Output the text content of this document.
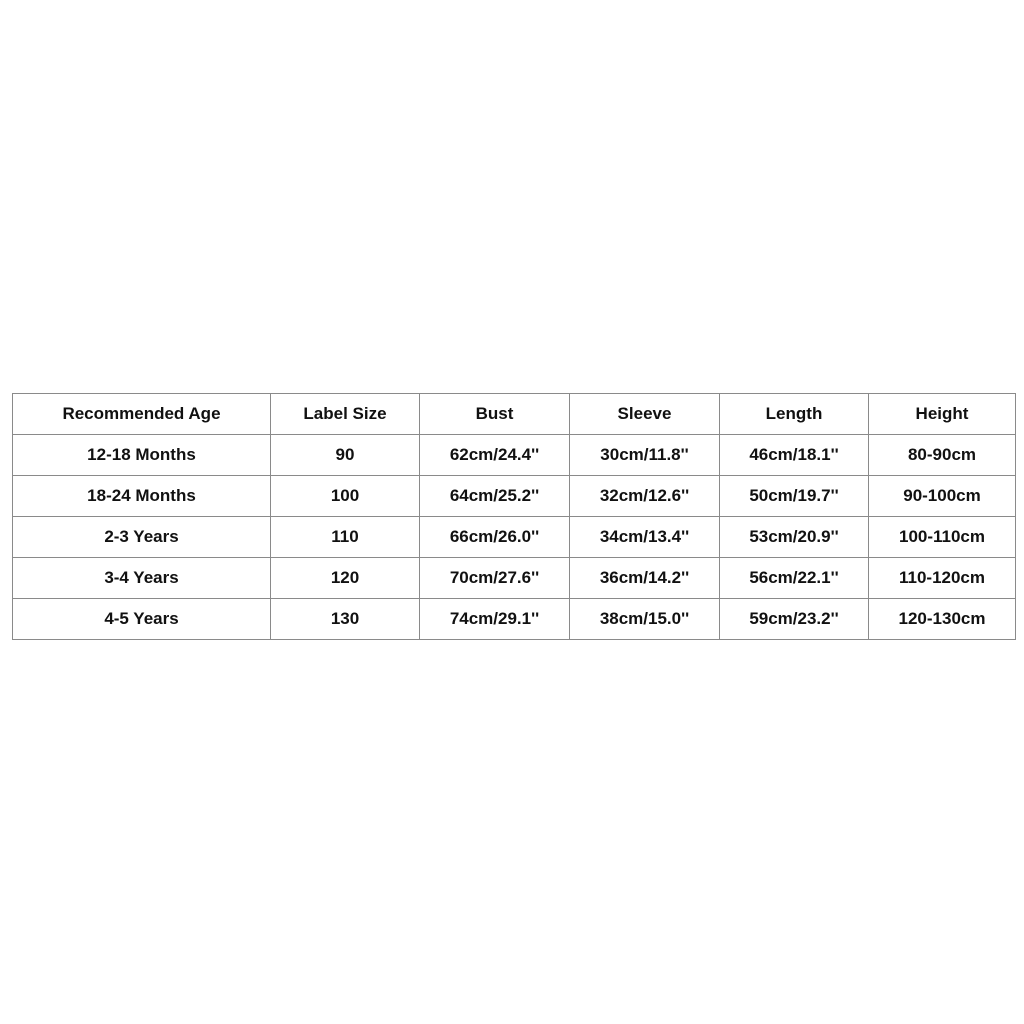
Recommended Age	Label Size	Bust	Sleeve	Length	Height
12-18 Months	90	62cm/24.4''	30cm/11.8''	46cm/18.1''	80-90cm
18-24 Months	100	64cm/25.2''	32cm/12.6''	50cm/19.7''	90-100cm
2-3 Years	110	66cm/26.0''	34cm/13.4''	53cm/20.9''	100-110cm
3-4 Years	120	70cm/27.6''	36cm/14.2''	56cm/22.1''	110-120cm
4-5 Years	130	74cm/29.1''	38cm/15.0''	59cm/23.2''	120-130cm
